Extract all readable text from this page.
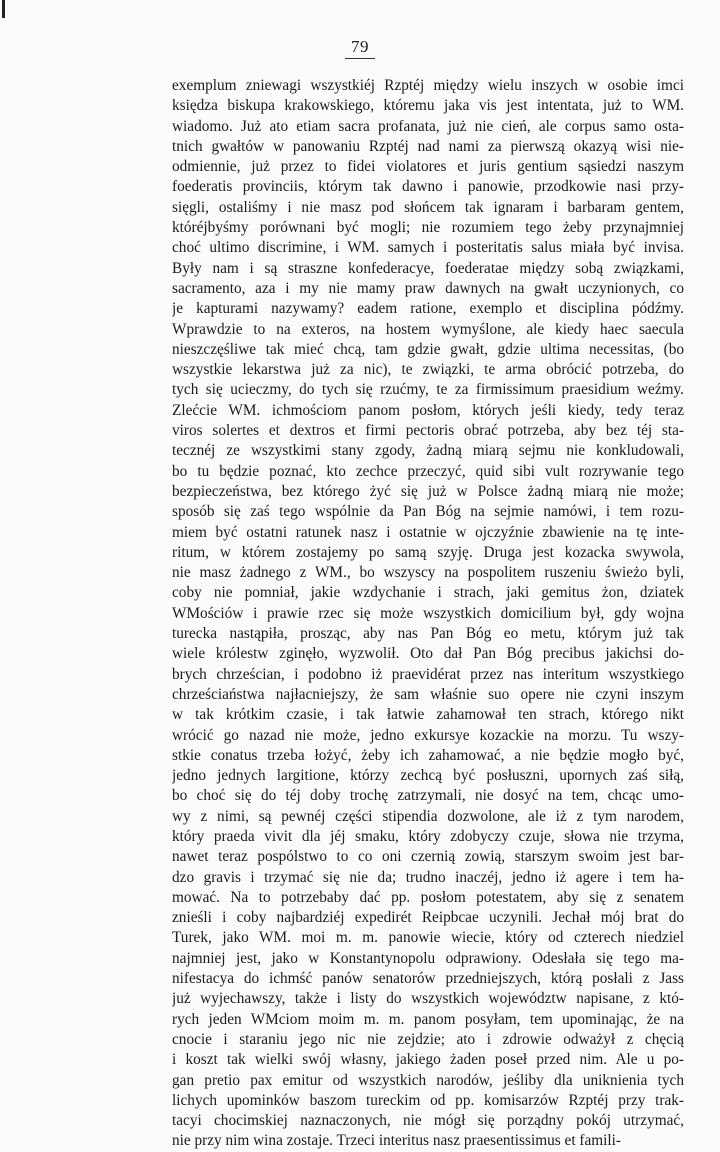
79
exemplum zniewagi wszystkiéj Rzptéj między wielu inszych w osobie imci
księdza biskupa krakowskiego, któremu jaka vis jest intentata, już to WM.
wiadomo. Już ato etiam sacra profanata, już nie cień, ale corpus samo osta-
tnich gwałtów w panowaniu Rzptéj nad nami za pierwszą okazyą wisi nie-
odmiennie, już przez to fidei violatores et juris gentium sąsiedzi naszym
foederatis provinciis, którym tak dawno i panowie, przodkowie nasi przy-
sięgli, ostaliśmy i nie masz pod słońcem tak ignaram i barbaram gentem,
któréjbyśmy porównani być mogli; nie rozumiem tego żeby przynajmniej
choć ultimo discrimine, i WM. samych i posteritatis salus miała być invisa.
Były nam i są straszne konfederacye, foederatae między sobą związkami,
sacramento, aza i my nie mamy praw dawnych na gwałt uczynionych, co
je kapturami nazywamy? eadem ratione, exemplo et disciplina pódźmy.
Wprawdzie to na exteros, na hostem wymyślone, ale kiedy haec saecula
nieszczęśliwe tak mieć chcą, tam gdzie gwałt, gdzie ultima necessitas, (bo
wszystkie lekarstwa już za nic), te związki, te arma obrócić potrzeba, do
tych się ucieczmy, do tych się rzućmy, te za firmissimum praesidium weźmy.
Zlećcie WM. ichmościom panom posłom, których jeśli kiedy, tedy teraz
viros solertes et dextros et firmi pectoris obrać potrzeba, aby bez téj sta-
tecznéj ze wszystkimi stany zgody, żadną miarą sejmu nie konkludowali,
bo tu będzie poznać, kto zechce przeczyć, quid sibi vult rozrywanie tego
bezpieczeństwa, bez którego żyć się już w Polsce żadną miarą nie może;
sposób się zaś tego wspólnie da Pan Bóg na sejmie namówi, i tem rozu-
miem być ostatni ratunek nasz i ostatnie w ojczyźnie zbawienie na tę inte-
ritum, w którem zostajemy po samą szyję. Druga jest kozacka swywola,
nie masz żadnego z WM., bo wszyscy na pospolitem ruszeniu świeżo byli,
coby nie pomniał, jakie wzdychanie i strach, jaki gemitus żon, dziatek
WMościów i prawie rzec się może wszystkich domicilium był, gdy wojna
turecka nastąpiła, prosząc, aby nas Pan Bóg eo metu, którym już tak
wiele królestw zginęło, wyzwolił. Oto dał Pan Bóg precibus jakichsi do-
brych chrześcian, i podobno iż praevidérat przez nas interitum wszystkiego
chrześciaństwa najłacniejszy, że sam właśnie suo opere nie czyni inszym
w tak krótkim czasie, i tak łatwie zahamował ten strach, którego nikt
wrócić go nazad nie może, jedno exkursye kozackie na morzu. Tu wszy-
stkie conatus trzeba łożyć, żeby ich zahamować, a nie będzie mogło być,
jedno jednych largitione, którzy zechcą być posłuszni, upornych zaś siłą,
bo choć się do téj doby trochę zatrzymali, nie dosyć na tem, chcąc umo-
wy z nimi, są pewnéj części stipendia dozwolone, ale iż z tym narodem,
który praeda vivit dla jéj smaku, który zdobyczy czuje, słowa nie trzyma,
nawet teraz pospólstwo to co oni czernią zowią, starszym swoim jest bar-
dzo gravis i trzymać się nie da; trudno inaczéj, jedno iż agere i tem ha-
mować. Na to potrzebaby dać pp. posłom potestatem, aby się z senatem
znieśli i coby najbardziéj expedirét Reipbcae uczynili. Jechał mój brat do
Turek, jako WM. moi m. m. panowie wiecie, który od czterech niedziel
najmniej jest, jako w Konstantynopolu odprawiony. Odesłała się tego ma-
nifestacya do ichmść panów senatorów przedniejszych, którą posłali z Jass
już wyjechawszy, także i listy do wszystkich województw napisane, z któ-
rych jeden WMciom moim m. m. panom posyłam, tem upominając, że na
cnocie i staraniu jego nic nie zejdzie; ato i zdrowie odważył z chęcią
i koszt tak wielki swój własny, jakiego żaden poseł przed nim. Ale u po-
gan pretio pax emitur od wszystkich narodów, jeśliby dla uniknienia tych
lichych upominków baszom tureckim od pp. komisarzów Rzptéj przy trak-
tacyi chocimskiej naznaczonych, nie mógł się porządny pokój utrzymać,
nie przy nim wina zostaje. Trzeci interitus nasz praesentissimus et famili-
